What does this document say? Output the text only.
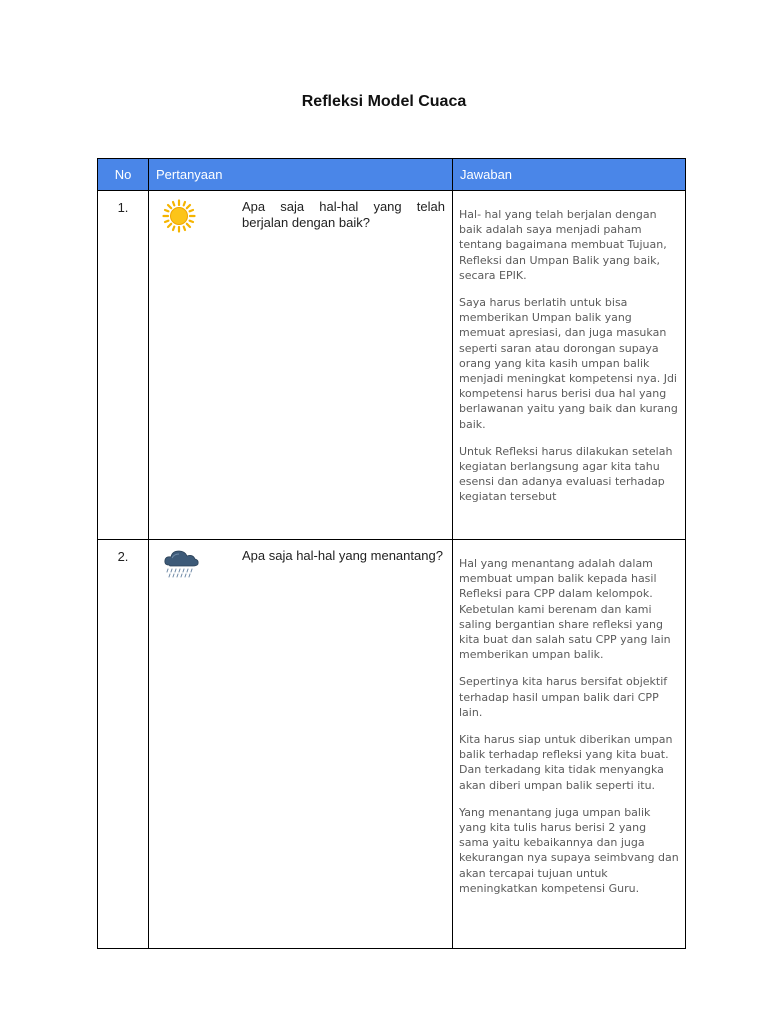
Refleksi Model Cuaca
No	Pertanyaan	Jawaban
1.	Apa saja hal-hal yang telah berjalan dengan baik?	Hal- hal yang telah berjalan dengan baik adalah saya menjadi paham tentang bagaimana membuat Tujuan, Refleksi dan Umpan Balik yang baik, secara EPIK.

Saya harus berlatih untuk bisa memberikan Umpan balik yang memuat apresiasi, dan juga masukan seperti saran atau dorongan supaya orang yang kita kasih umpan balik menjadi meningkat kompetensi nya. Jdi kompetensi harus berisi dua hal yang berlawanan yaitu yang baik dan kurang baik.

Untuk Refleksi harus dilakukan setelah kegiatan berlangsung agar kita tahu esensi dan adanya evaluasi terhadap kegiatan tersebut

2.	Apa saja hal-hal yang menantang?	Hal yang menantang adalah dalam membuat umpan balik kepada hasil Refleksi para CPP dalam kelompok. Kebetulan kami berenam dan kami saling bergantian share refleksi yang kita buat dan salah satu CPP yang lain memberikan umpan balik.

Sepertinya kita harus bersifat objektif terhadap hasil umpan balik dari CPP lain.

Kita harus siap untuk diberikan umpan balik terhadap refleksi yang kita buat. Dan terkadang kita tidak menyangka akan diberi umpan balik seperti itu.

Yang menantang juga umpan balik yang kita tulis harus berisi 2 yang sama yaitu kebaikannya dan juga kekurangan nya supaya seimbvang dan akan tercapai tujuan untuk meningkatkan kompetensi Guru.
